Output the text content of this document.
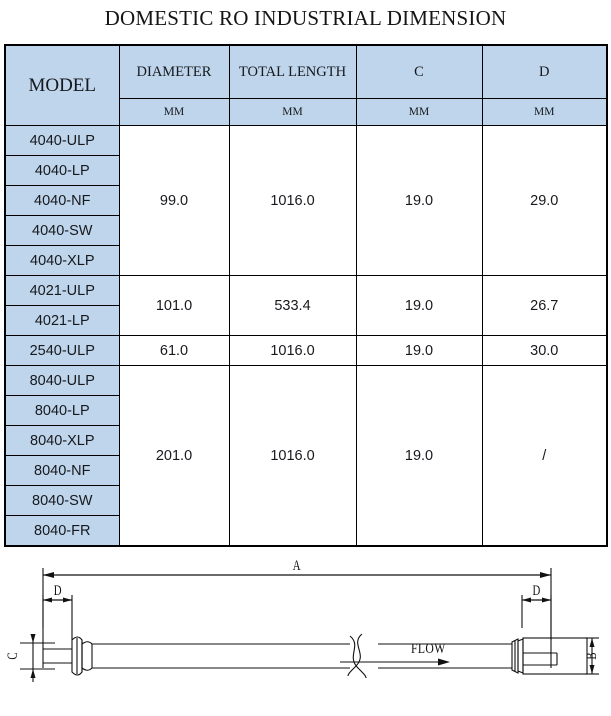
DOMESTIC RO INDUSTRIAL DIMENSION
MODEL	DIAMETER	TOTAL LENGTH	C	D
	MM	MM	MM	MM
4040-ULP	99.0	1016.0	19.0	29.0
4040-LP				
4040-NF				
4040-SW				
4040-XLP				
4021-ULP	101.0	533.4	19.0	26.7
4021-LP				
2540-ULP	61.0	1016.0	19.0	30.0
8040-ULP	201.0	1016.0	19.0	/
8040-LP				
8040-XLP				
8040-NF				
8040-SW				
8040-FR				
A
D	D
C	B
FLOW
